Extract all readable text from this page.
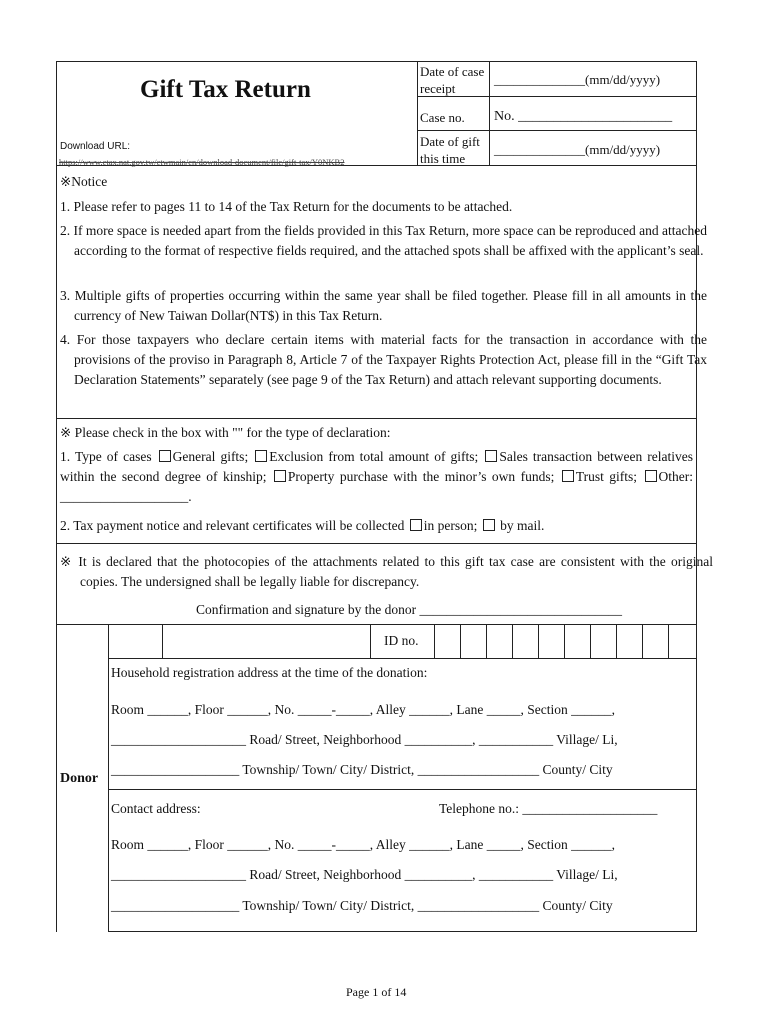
Gift Tax Return
Download URL:
https://www.etax.nat.gov.tw/etwmain/en/download-document/file/gift-tax/Y0NKB2
Date of case receipt
______________(mm/dd/yyyy)
Case no. No. ______________________
Date of gift this time
______________(mm/dd/yyyy)
※Notice
1. Please refer to pages 11 to 14 of the Tax Return for the documents to be attached.
2. If more space is needed apart from the fields provided in this Tax Return, more space can be reproduced and attached according to the format of respective fields required, and the attached spots shall be affixed with the applicant’s seal.
3. Multiple gifts of properties occurring within the same year shall be filed together. Please fill in all amounts in the currency of New Taiwan Dollar(NT$) in this Tax Return.
4. For those taxpayers who declare certain items with material facts for the transaction in accordance with the provisions of the proviso in Paragraph 8, Article 7 of the Taxpayer Rights Protection Act, please fill in the “Gift Tax Declaration Statements” separately (see page 9 of the Tax Return) and attach relevant supporting documents.
※ Please check in the box with "" for the type of declaration:
1. Type of cases General gifts; Exclusion from total amount of gifts; Sales transaction between relatives within the second degree of kinship; Property purchase with the minor’s own funds; Trust gifts; Other: ___________________.
2. Tax payment notice and relevant certificates will be collected in person; by mail.
※ It is declared that the photocopies of the attachments related to this gift tax case are consistent with the original copies. The undersigned shall be legally liable for discrepancy.
Confirmation and signature by the donor ______________________________
Donor
ID no.
Household registration address at the time of the donation:
Room ______, Floor ______, No. _____-_____, Alley ______, Lane _____, Section ______,
____________________ Road/ Street, Neighborhood __________, ___________ Village/ Li,
___________________ Township/ Town/ City/ District, __________________ County/ City
Contact address:	Telephone no.: ____________________
Room ______, Floor ______, No. _____-_____, Alley ______, Lane _____, Section ______,
____________________ Road/ Street, Neighborhood __________, ___________ Village/ Li,
___________________ Township/ Town/ City/ District, __________________ County/ City
Page 1 of 14
